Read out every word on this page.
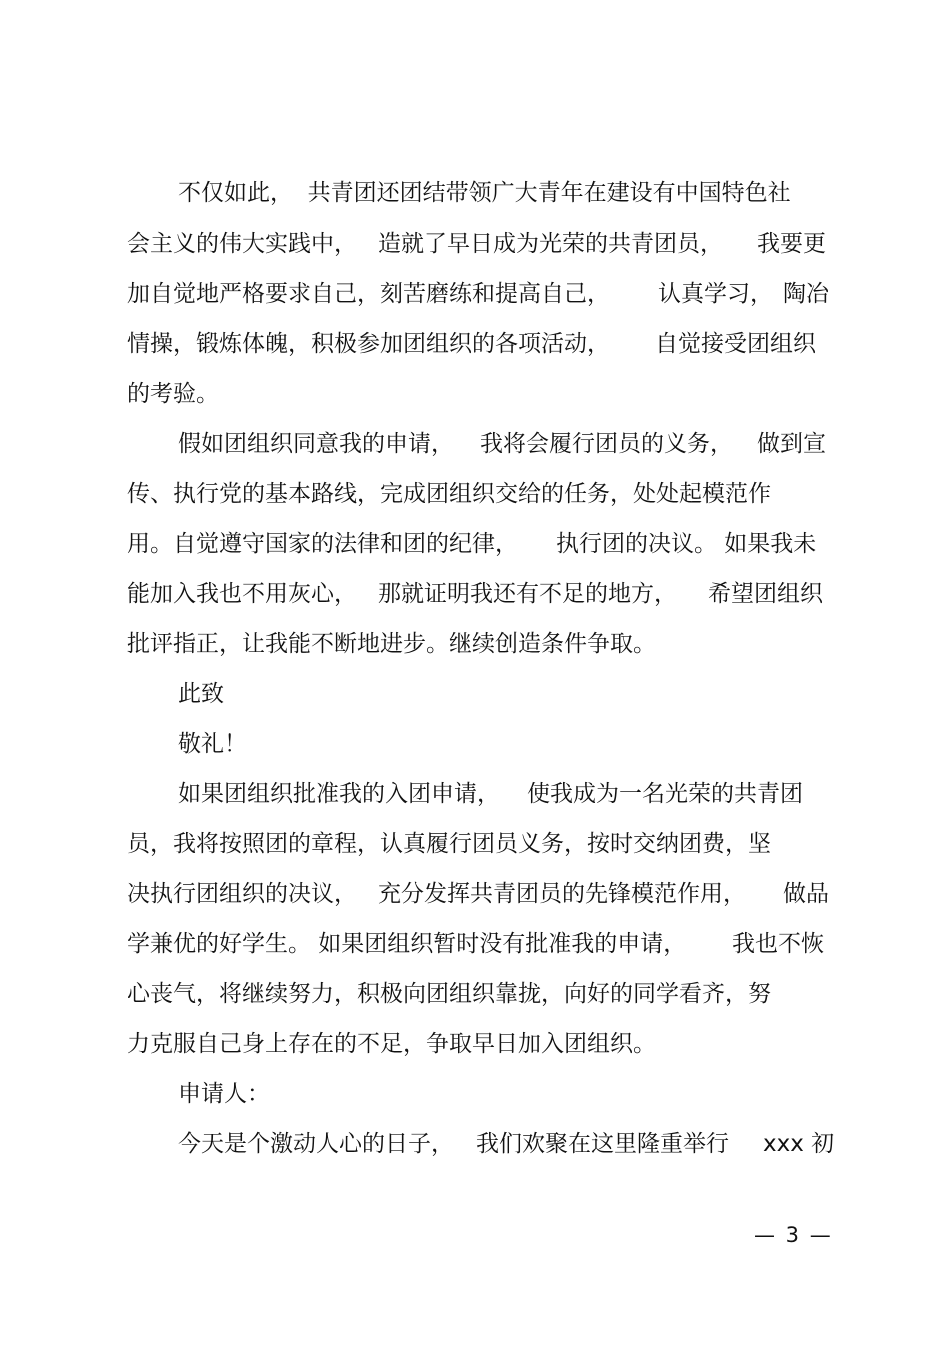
不仅如此，  共青团还团结带领广大青年在建设有中国特色社
会主义的伟大实践中， 造就了早日成为光荣的共青团员， 我要更
加自觉地严格要求自己，刻苦磨练和提高自己， 认真学习， 陶冶
情操，锻炼体魄，积极参加团组织的各项活动， 自觉接受团组织
的考验。
假如团组织同意我的申请， 我将会履行团员的义务， 做到宣
传、执行党的基本路线，完成团组织交给的任务，处处起模范作
用。自觉遵守国家的法律和团的纪律， 执行团的决议。 如果我未
能加入我也不用灰心， 那就证明我还有不足的地方， 希望团组织
批评指正，让我能不断地进步。继续创造条件争取。
此致
敬礼！
如果团组织批准我的入团申请， 使我成为一名光荣的共青团
员，我将按照团的章程，认真履行团员义务，按时交纳团费，坚
决执行团组织的决议， 充分发挥共青团员的先锋模范作用， 做品
学兼优的好学生。 如果团组织暂时没有批准我的申请， 我也不恢
心丧气，将继续努力，积极向团组织靠拢，向好的同学看齐，努
力克服自己身上存在的不足，争取早日加入团组织。
申请人：
今天是个激动人心的日子， 我们欢聚在这里隆重举行 xxx 初
— 3 —
